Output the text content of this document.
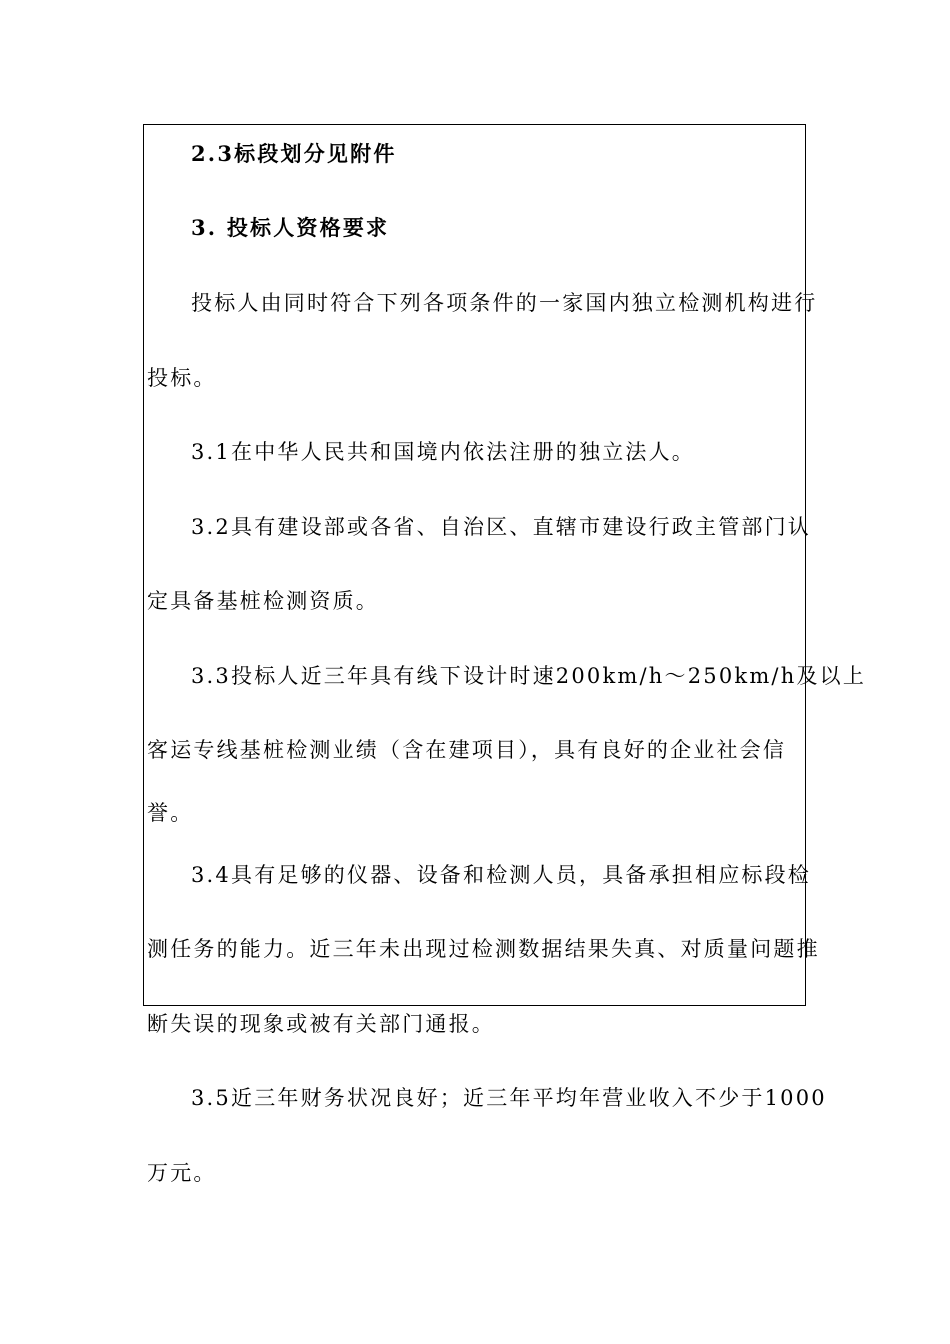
2.3标段划分见附件
3. 投标人资格要求
投标人由同时符合下列各项条件的一家国内独立检测机构进行
投标。
3.1在中华人民共和国境内依法注册的独立法人。
3.2具有建设部或各省、自治区、直辖市建设行政主管部门认
定具备基桩检测资质。
3.3投标人近三年具有线下设计时速200km/h～250km/h及以上
客运专线基桩检测业绩（含在建项目），具有良好的企业社会信
誉。
3.4具有足够的仪器、设备和检测人员，具备承担相应标段检
测任务的能力。近三年未出现过检测数据结果失真、对质量问题推
断失误的现象或被有关部门通报。
3.5近三年财务状况良好；近三年平均年营业收入不少于1000
万元。
